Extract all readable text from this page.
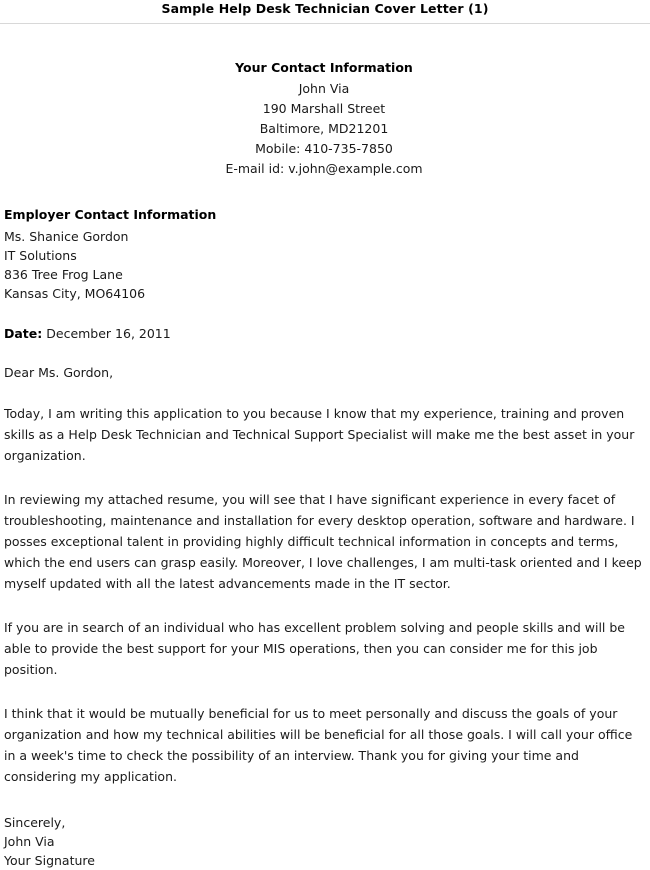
Sample Help Desk Technician Cover Letter (1)
Your Contact Information
John Via
190 Marshall Street
Baltimore, MD21201
Mobile: 410-735-7850
E-mail id: v.john@example.com
Employer Contact Information
Ms. Shanice Gordon
IT Solutions
836 Tree Frog Lane
Kansas City, MO64106
Date: December 16, 2011
Dear Ms. Gordon,
Today, I am writing this application to you because I know that my experience, training and proven skills as a Help Desk Technician and Technical Support Specialist will make me the best asset in your organization.
In reviewing my attached resume, you will see that I have significant experience in every facet of troubleshooting, maintenance and installation for every desktop operation, software and hardware. I posses exceptional talent in providing highly difficult technical information in concepts and terms, which the end users can grasp easily. Moreover, I love challenges, I am multi-task oriented and I keep myself updated with all the latest advancements made in the IT sector.
If you are in search of an individual who has excellent problem solving and people skills and will be able to provide the best support for your MIS operations, then you can consider me for this job position.
I think that it would be mutually beneficial for us to meet personally and discuss the goals of your organization and how my technical abilities will be beneficial for all those goals. I will call your office in a week's time to check the possibility of an interview. Thank you for giving your time and considering my application.
Sincerely,
John Via
Your Signature
